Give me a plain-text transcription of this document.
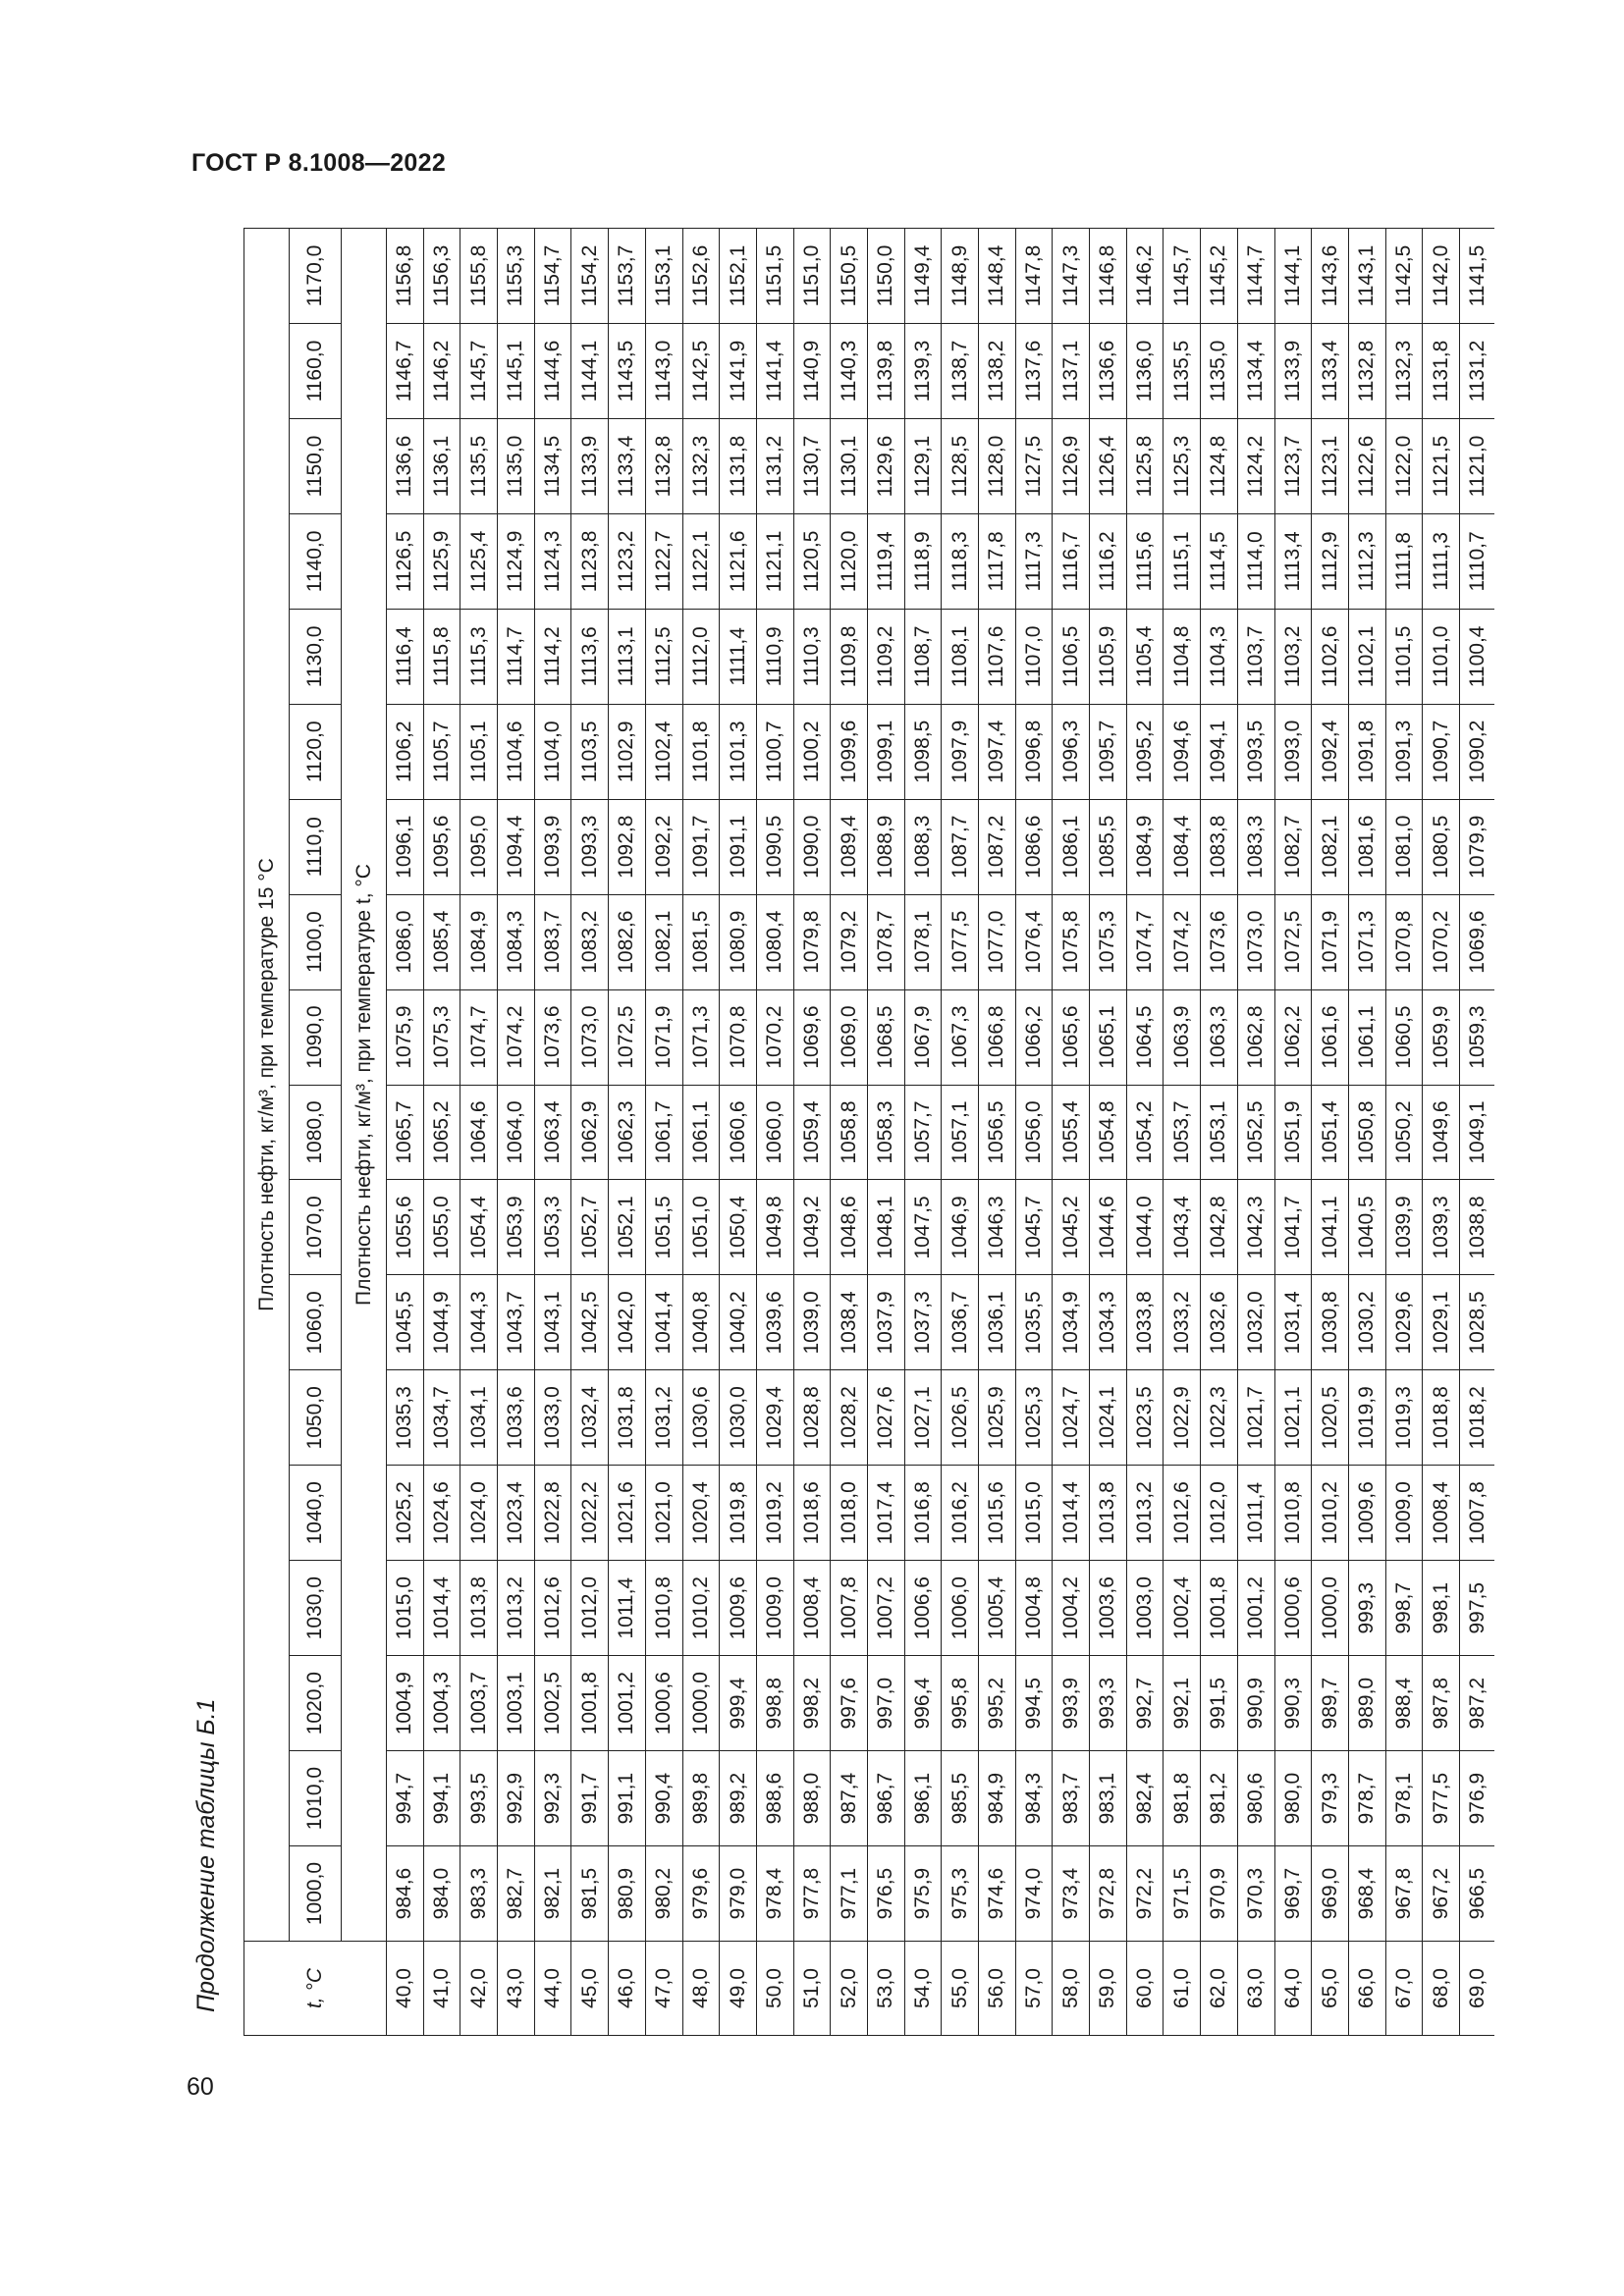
ГОСТ Р 8.1008—2022
60
Продолжение таблицы Б.1	t, °C	Плотность нефти, кг/м³, при температуре 15 °С																	
	1000,0	1010,0	1020,0	1030,0	1040,0	1050,0	1060,0	1070,0	1080,0	1090,0	1100,0	1110,0	1120,0	1130,0	1140,0	1150,0	1160,0	1170,0
	Плотность нефти, кг/м³, при температуре t, °С																	
40,0	984,6	994,7	1004,9	1015,0	1025,2	1035,3	1045,5	1055,6	1065,7	1075,9	1086,0	1096,1	1106,2	1116,4	1126,5	1136,6	1146,7	1156,8
41,0	984,0	994,1	1004,3	1014,4	1024,6	1034,7	1044,9	1055,0	1065,2	1075,3	1085,4	1095,6	1105,7	1115,8	1125,9	1136,1	1146,2	1156,3
42,0	983,3	993,5	1003,7	1013,8	1024,0	1034,1	1044,3	1054,4	1064,6	1074,7	1084,9	1095,0	1105,1	1115,3	1125,4	1135,5	1145,7	1155,8
43,0	982,7	992,9	1003,1	1013,2	1023,4	1033,6	1043,7	1053,9	1064,0	1074,2	1084,3	1094,4	1104,6	1114,7	1124,9	1135,0	1145,1	1155,3
44,0	982,1	992,3	1002,5	1012,6	1022,8	1033,0	1043,1	1053,3	1063,4	1073,6	1083,7	1093,9	1104,0	1114,2	1124,3	1134,5	1144,6	1154,7
45,0	981,5	991,7	1001,8	1012,0	1022,2	1032,4	1042,5	1052,7	1062,9	1073,0	1083,2	1093,3	1103,5	1113,6	1123,8	1133,9	1144,1	1154,2
46,0	980,9	991,1	1001,2	1011,4	1021,6	1031,8	1042,0	1052,1	1062,3	1072,5	1082,6	1092,8	1102,9	1113,1	1123,2	1133,4	1143,5	1153,7
47,0	980,2	990,4	1000,6	1010,8	1021,0	1031,2	1041,4	1051,5	1061,7	1071,9	1082,1	1092,2	1102,4	1112,5	1122,7	1132,8	1143,0	1153,1
48,0	979,6	989,8	1000,0	1010,2	1020,4	1030,6	1040,8	1051,0	1061,1	1071,3	1081,5	1091,7	1101,8	1112,0	1122,1	1132,3	1142,5	1152,6
49,0	979,0	989,2	999,4	1009,6	1019,8	1030,0	1040,2	1050,4	1060,6	1070,8	1080,9	1091,1	1101,3	1111,4	1121,6	1131,8	1141,9	1152,1
50,0	978,4	988,6	998,8	1009,0	1019,2	1029,4	1039,6	1049,8	1060,0	1070,2	1080,4	1090,5	1100,7	1110,9	1121,1	1131,2	1141,4	1151,5
51,0	977,8	988,0	998,2	1008,4	1018,6	1028,8	1039,0	1049,2	1059,4	1069,6	1079,8	1090,0	1100,2	1110,3	1120,5	1130,7	1140,9	1151,0
52,0	977,1	987,4	997,6	1007,8	1018,0	1028,2	1038,4	1048,6	1058,8	1069,0	1079,2	1089,4	1099,6	1109,8	1120,0	1130,1	1140,3	1150,5
53,0	976,5	986,7	997,0	1007,2	1017,4	1027,6	1037,9	1048,1	1058,3	1068,5	1078,7	1088,9	1099,1	1109,2	1119,4	1129,6	1139,8	1150,0
54,0	975,9	986,1	996,4	1006,6	1016,8	1027,1	1037,3	1047,5	1057,7	1067,9	1078,1	1088,3	1098,5	1108,7	1118,9	1129,1	1139,3	1149,4
55,0	975,3	985,5	995,8	1006,0	1016,2	1026,5	1036,7	1046,9	1057,1	1067,3	1077,5	1087,7	1097,9	1108,1	1118,3	1128,5	1138,7	1148,9
56,0	974,6	984,9	995,2	1005,4	1015,6	1025,9	1036,1	1046,3	1056,5	1066,8	1077,0	1087,2	1097,4	1107,6	1117,8	1128,0	1138,2	1148,4
57,0	974,0	984,3	994,5	1004,8	1015,0	1025,3	1035,5	1045,7	1056,0	1066,2	1076,4	1086,6	1096,8	1107,0	1117,3	1127,5	1137,6	1147,8
58,0	973,4	983,7	993,9	1004,2	1014,4	1024,7	1034,9	1045,2	1055,4	1065,6	1075,8	1086,1	1096,3	1106,5	1116,7	1126,9	1137,1	1147,3
59,0	972,8	983,1	993,3	1003,6	1013,8	1024,1	1034,3	1044,6	1054,8	1065,1	1075,3	1085,5	1095,7	1105,9	1116,2	1126,4	1136,6	1146,8
60,0	972,2	982,4	992,7	1003,0	1013,2	1023,5	1033,8	1044,0	1054,2	1064,5	1074,7	1084,9	1095,2	1105,4	1115,6	1125,8	1136,0	1146,2
61,0	971,5	981,8	992,1	1002,4	1012,6	1022,9	1033,2	1043,4	1053,7	1063,9	1074,2	1084,4	1094,6	1104,8	1115,1	1125,3	1135,5	1145,7
62,0	970,9	981,2	991,5	1001,8	1012,0	1022,3	1032,6	1042,8	1053,1	1063,3	1073,6	1083,8	1094,1	1104,3	1114,5	1124,8	1135,0	1145,2
63,0	970,3	980,6	990,9	1001,2	1011,4	1021,7	1032,0	1042,3	1052,5	1062,8	1073,0	1083,3	1093,5	1103,7	1114,0	1124,2	1134,4	1144,7
64,0	969,7	980,0	990,3	1000,6	1010,8	1021,1	1031,4	1041,7	1051,9	1062,2	1072,5	1082,7	1093,0	1103,2	1113,4	1123,7	1133,9	1144,1
65,0	969,0	979,3	989,7	1000,0	1010,2	1020,5	1030,8	1041,1	1051,4	1061,6	1071,9	1082,1	1092,4	1102,6	1112,9	1123,1	1133,4	1143,6
66,0	968,4	978,7	989,0	999,3	1009,6	1019,9	1030,2	1040,5	1050,8	1061,1	1071,3	1081,6	1091,8	1102,1	1112,3	1122,6	1132,8	1143,1
67,0	967,8	978,1	988,4	998,7	1009,0	1019,3	1029,6	1039,9	1050,2	1060,5	1070,8	1081,0	1091,3	1101,5	1111,8	1122,0	1132,3	1142,5
68,0	967,2	977,5	987,8	998,1	1008,4	1018,8	1029,1	1039,3	1049,6	1059,9	1070,2	1080,5	1090,7	1101,0	1111,3	1121,5	1131,8	1142,0
69,0	966,5	976,9	987,2	997,5	1007,8	1018,2	1028,5	1038,8	1049,1	1059,3	1069,6	1079,9	1090,2	1100,4	1110,7	1121,0	1131,2	1141,5
